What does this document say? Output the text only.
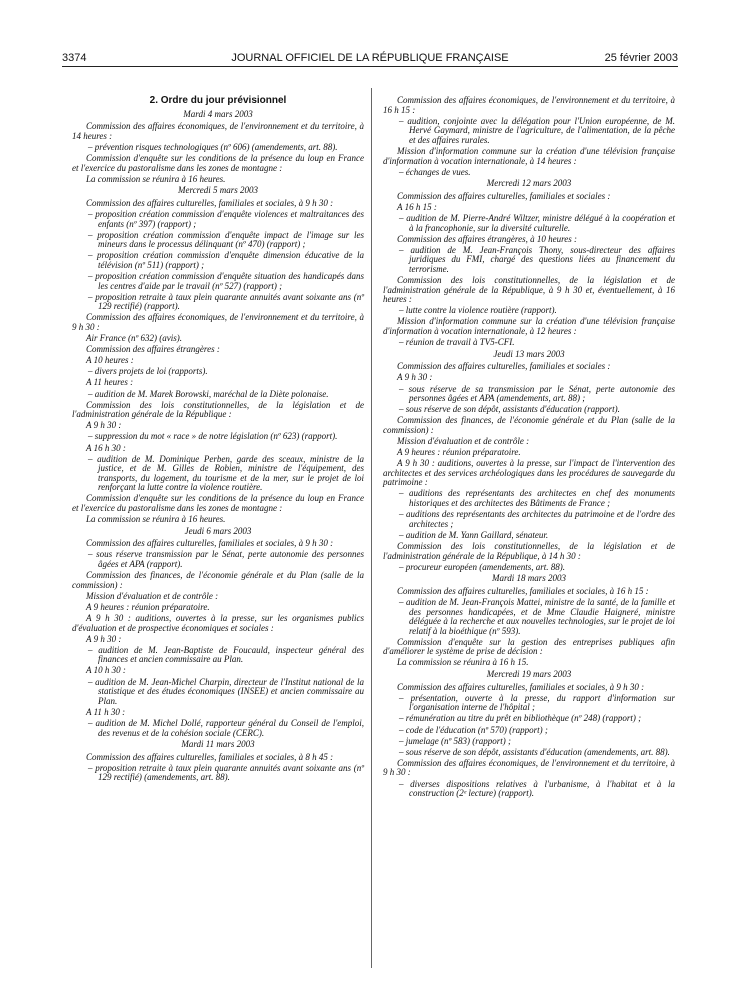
3374	JOURNAL OFFICIEL DE LA RÉPUBLIQUE FRANÇAISE	25 février 2003

2. Ordre du jour prévisionnel

Mardi 4 mars 2003

Commission des affaires économiques, de l'environnement et du territoire, à 14 heures :

– prévention risques technologiques (nº 606) (amendements, art. 88).

Commission d'enquête sur les conditions de la présence du loup en France et l'exercice du pastoralisme dans les zones de montagne :

La commission se réunira à 16 heures.

Mercredi 5 mars 2003

Commission des affaires culturelles, familiales et sociales, à 9 h 30 :

– proposition création commission d'enquête violences et maltraitances des enfants (nº 397) (rapport) ;

– proposition création commission d'enquête impact de l'image sur les mineurs dans le processus délinquant (nº 470) (rapport) ;

– proposition création commission d'enquête dimension éducative de la télévision (nº 511) (rapport) ;

– proposition création commission d'enquête situation des handicapés dans les centres d'aide par le travail (nº 527) (rapport) ;

– proposition retraite à taux plein quarante annuités avant soixante ans (nº 129 rectifié) (rapport).

Commission des affaires économiques, de l'environnement et du territoire, à 9 h 30 :

Air France (nº 632) (avis).

Commission des affaires étrangères :

A 10 heures :

– divers projets de loi (rapports).

A 11 heures :

– audition de M. Marek Borowski, maréchal de la Diète polonaise.

Commission des lois constitutionnelles, de la législation et de l'administration générale de la République :

A 9 h 30 :

– suppression du mot « race » de notre législation (nº 623) (rapport).

A 16 h 30 :

– audition de M. Dominique Perben, garde des sceaux, ministre de la justice, et de M. Gilles de Robien, ministre de l'équipement, des transports, du logement, du tourisme et de la mer, sur le projet de loi renforçant la lutte contre la violence routière.

Commission d'enquête sur les conditions de la présence du loup en France et l'exercice du pastoralisme dans les zones de montagne :

La commission se réunira à 16 heures.

Jeudi 6 mars 2003

Commission des affaires culturelles, familiales et sociales, à 9 h 30 :

– sous réserve transmission par le Sénat, perte autonomie des personnes âgées et APA (rapport).

Commission des finances, de l'économie générale et du Plan (salle de la commission) :

Mission d'évaluation et de contrôle :

A 9 heures : réunion préparatoire.

A 9 h 30 : auditions, ouvertes à la presse, sur les organismes publics d'évaluation et de prospective économiques et sociales :

A 9 h 30 :

– audition de M. Jean-Baptiste de Foucauld, inspecteur général des finances et ancien commissaire au Plan.

A 10 h 30 :

– audition de M. Jean-Michel Charpin, directeur de l'Institut national de la statistique et des études économiques (INSEE) et ancien commissaire au Plan.

A 11 h 30 :

– audition de M. Michel Dollé, rapporteur général du Conseil de l'emploi, des revenus et de la cohésion sociale (CERC).

Mardi 11 mars 2003

Commission des affaires culturelles, familiales et sociales, à 8 h 45 :

– proposition retraite à taux plein quarante annuités avant soixante ans (nº 129 rectifié) (amendements, art. 88).

Commission des affaires économiques, de l'environnement et du territoire, à 16 h 15 :

– audition, conjointe avec la délégation pour l'Union européenne, de M. Hervé Gaymard, ministre de l'agriculture, de l'alimentation, de la pêche et des affaires rurales.

Mission d'information commune sur la création d'une télévision française d'information à vocation internationale, à 14 heures :

– échanges de vues.

Mercredi 12 mars 2003

Commission des affaires culturelles, familiales et sociales :

A 16 h 15 :

– audition de M. Pierre-André Wiltzer, ministre délégué à la coopération et à la francophonie, sur la diversité culturelle.

Commission des affaires étrangères, à 10 heures :

– audition de M. Jean-François Thony, sous-directeur des affaires juridiques du FMI, chargé des questions liées au financement du terrorisme.

Commission des lois constitutionnelles, de la législation et de l'administration générale de la République, à 9 h 30 et, éventuellement, à 16 heures :

– lutte contre la violence routière (rapport).

Mission d'information commune sur la création d'une télévision française d'information à vocation internationale, à 12 heures :

– réunion de travail à TV5-CFI.

Jeudi 13 mars 2003

Commission des affaires culturelles, familiales et sociales :

A 9 h 30 :

– sous réserve de sa transmission par le Sénat, perte autonomie des personnes âgées et APA (amendements, art. 88) ;

– sous réserve de son dépôt, assistants d'éducation (rapport).

Commission des finances, de l'économie générale et du Plan (salle de la commission) :

Mission d'évaluation et de contrôle :

A 9 heures : réunion préparatoire.

A 9 h 30 : auditions, ouvertes à la presse, sur l'impact de l'intervention des architectes et des services archéologiques dans les procédures de sauvegarde du patrimoine :

– auditions des représentants des architectes en chef des monuments historiques et des architectes des Bâtiments de France ;

– auditions des représentants des architectes du patrimoine et de l'ordre des architectes ;

– audition de M. Yann Gaillard, sénateur.

Commission des lois constitutionnelles, de la législation et de l'administration générale de la République, à 14 h 30 :

– procureur européen (amendements, art. 88).

Mardi 18 mars 2003

Commission des affaires culturelles, familiales et sociales, à 16 h 15 :

– audition de M. Jean-François Mattei, ministre de la santé, de la famille et des personnes handicapées, et de Mme Claudie Haigneré, ministre déléguée à la recherche et aux nouvelles technologies, sur le projet de loi relatif à la bioéthique (nº 593).

Commission d'enquête sur la gestion des entreprises publiques afin d'améliorer le système de prise de décision :

La commission se réunira à 16 h 15.

Mercredi 19 mars 2003

Commission des affaires culturelles, familiales et sociales, à 9 h 30 :

– présentation, ouverte à la presse, du rapport d'information sur l'organisation interne de l'hôpital ;

– rémunération au titre du prêt en bibliothèque (nº 248) (rapport) ;

– code de l'éducation (nº 570) (rapport) ;

– jumelage (nº 583) (rapport) ;

– sous réserve de son dépôt, assistants d'éducation (amendements, art. 88).

Commission des affaires économiques, de l'environnement et du territoire, à 9 h 30 :

– diverses dispositions relatives à l'urbanisme, à l'habitat et à la construction (2ᵉ lecture) (rapport).
